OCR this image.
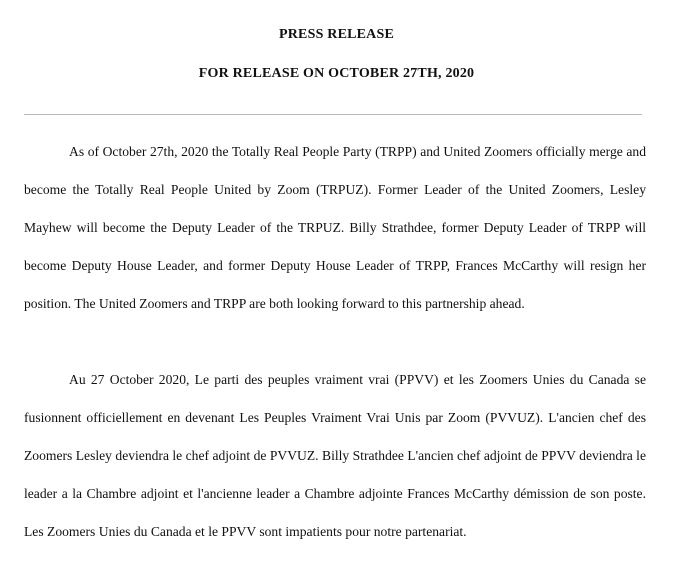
PRESS RELEASE
FOR RELEASE ON OCTOBER 27TH, 2020

As of October 27th, 2020 the Totally Real People Party (TRPP) and United Zoomers officially merge and become the Totally Real People United by Zoom (TRPUZ). Former Leader of the United Zoomers, Lesley Mayhew will become the Deputy Leader of the TRPUZ. Billy Strathdee, former Deputy Leader of TRPP will become Deputy House Leader, and former Deputy House Leader of TRPP, Frances McCarthy will resign her position. The United Zoomers and TRPP are both looking forward to this partnership ahead.

Au 27 October 2020, Le parti des peuples vraiment vrai (PPVV) et les Zoomers Unies du Canada se fusionnent officiellement en devenant Les Peuples Vraiment Vrai Unis par Zoom (PVVUZ). L'ancien chef des Zoomers Lesley deviendra le chef adjoint de PVVUZ. Billy Strathdee L'ancien chef adjoint de PPVV deviendra le leader a la Chambre adjoint et l'ancienne leader a Chambre adjointe Frances McCarthy démission de son poste. Les Zoomers Unies du Canada et le PPVV sont impatients pour notre partenariat.
